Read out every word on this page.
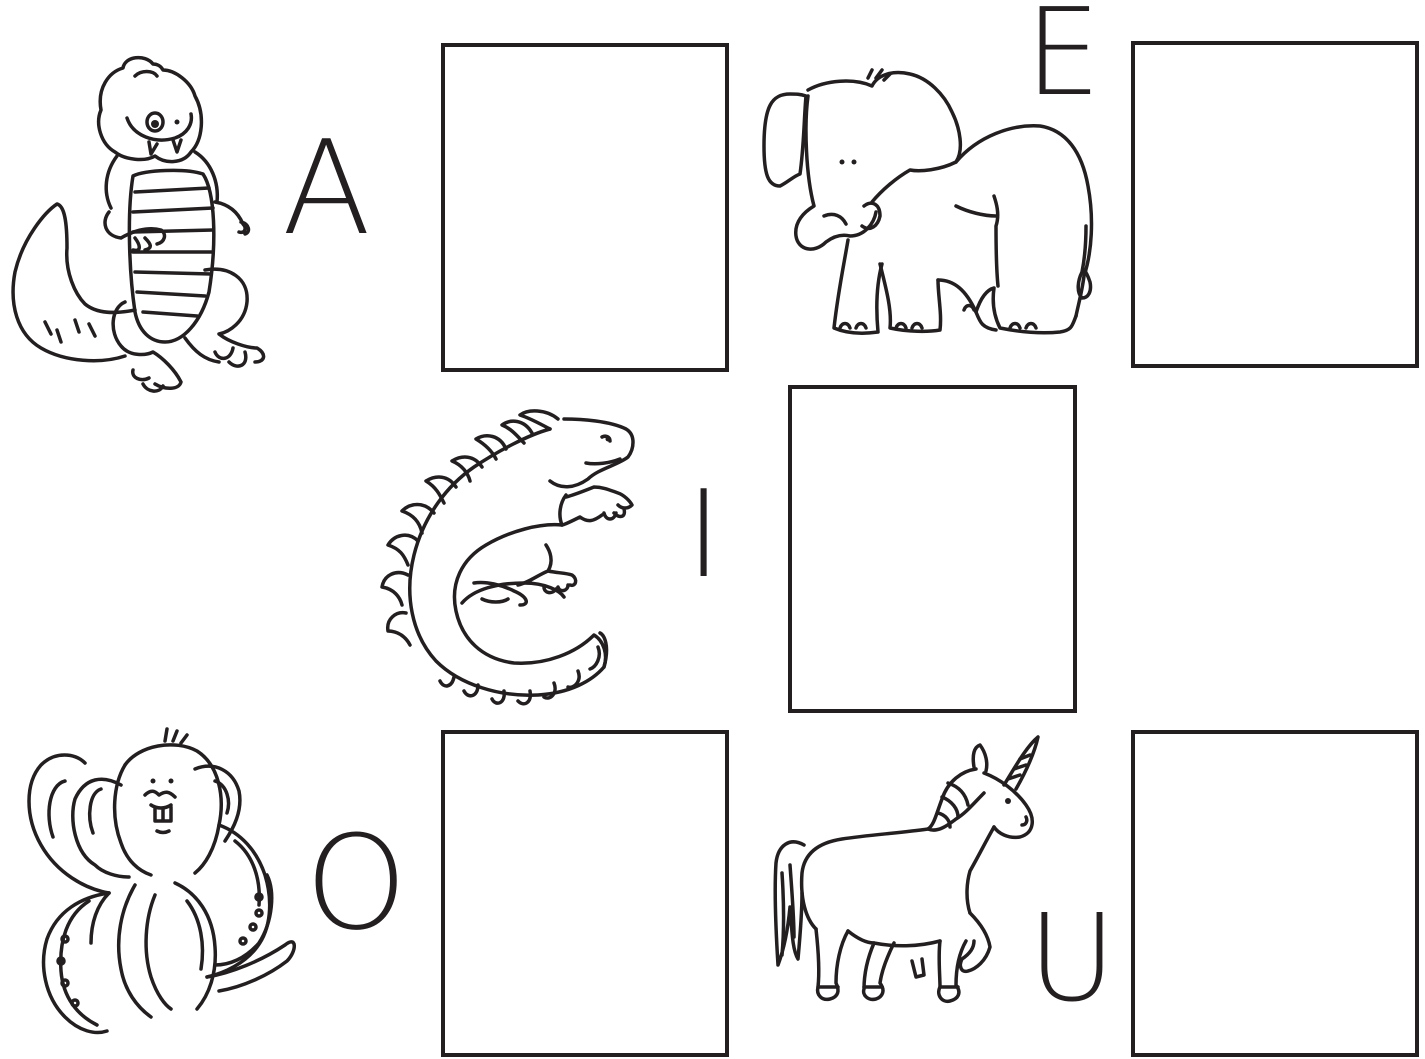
A
E
I
O
U
